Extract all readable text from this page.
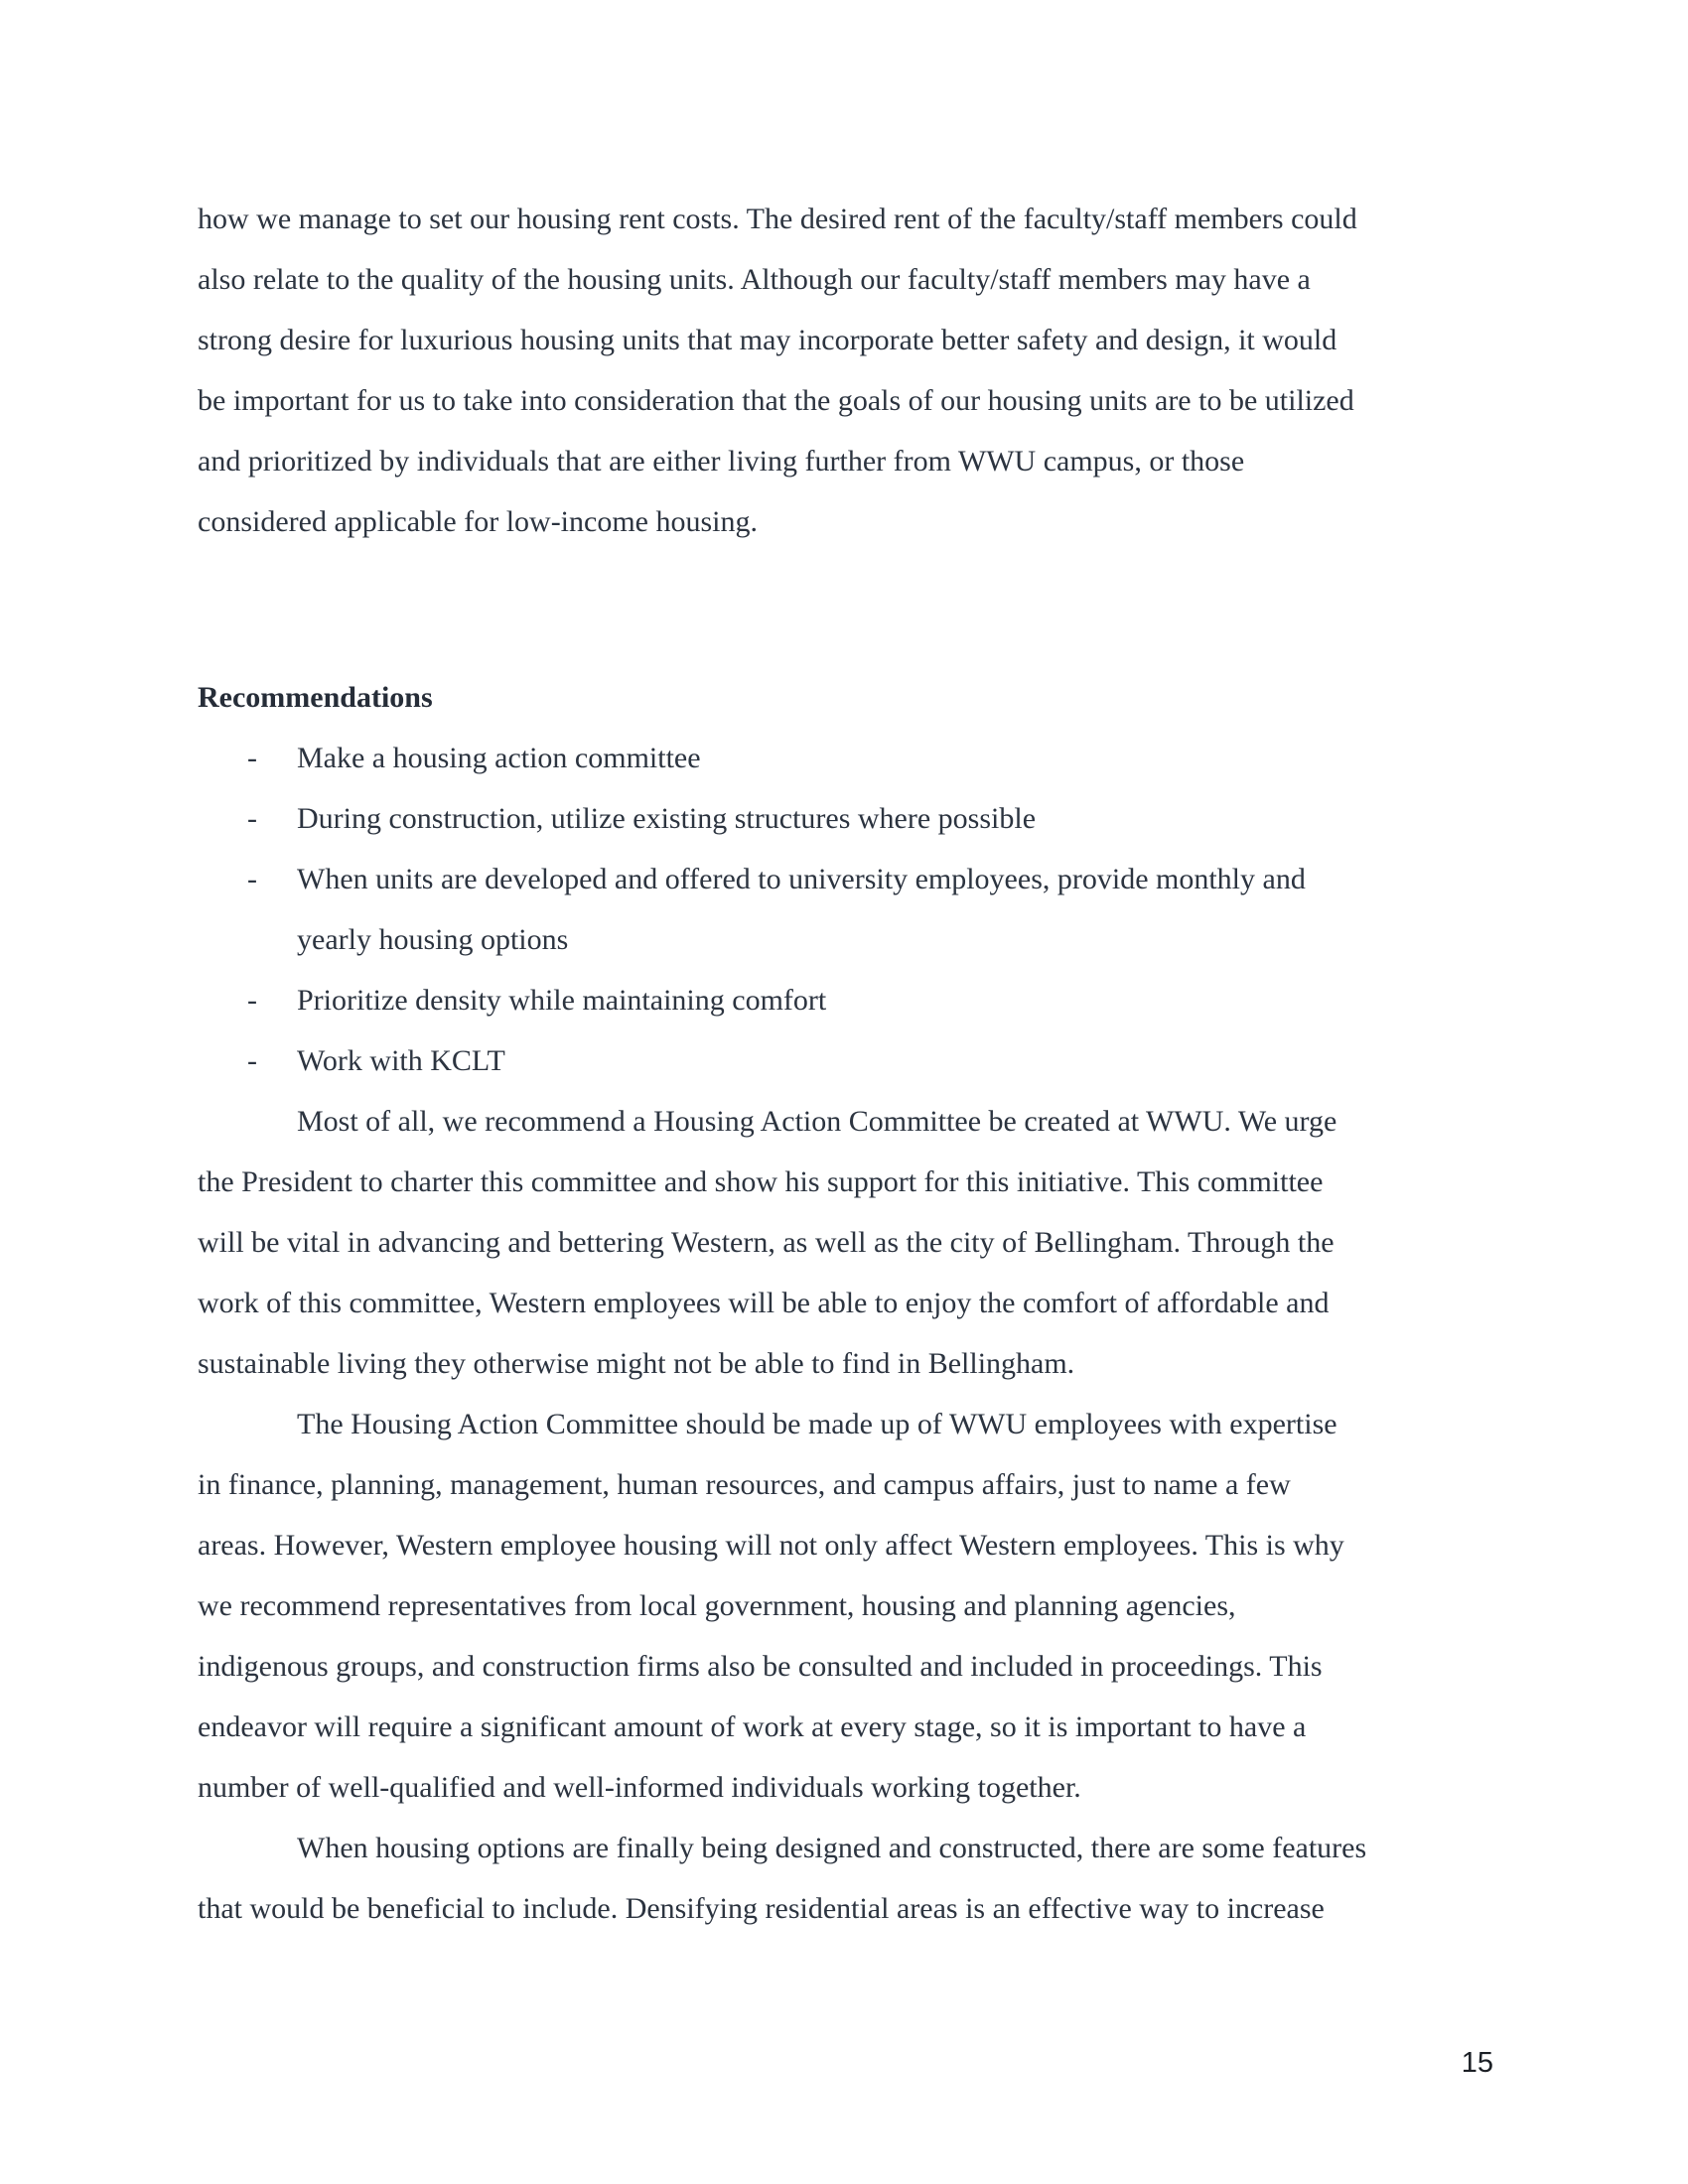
how we manage to set our housing rent costs. The desired rent of the faculty/staff members could
also relate to the quality of the housing units. Although our faculty/staff members may have a
strong desire for luxurious housing units that may incorporate better safety and design, it would
be important for us to take into consideration that the goals of our housing units are to be utilized
and prioritized by individuals that are either living further from WWU campus, or those
considered applicable for low-income housing.
Recommendations
- Make a housing action committee
- During construction, utilize existing structures where possible
- When units are developed and offered to university employees, provide monthly and
yearly housing options
- Prioritize density while maintaining comfort
- Work with KCLT
Most of all, we recommend a Housing Action Committee be created at WWU. We urge
the President to charter this committee and show his support for this initiative. This committee
will be vital in advancing and bettering Western, as well as the city of Bellingham. Through the
work of this committee, Western employees will be able to enjoy the comfort of affordable and
sustainable living they otherwise might not be able to find in Bellingham.
The Housing Action Committee should be made up of WWU employees with expertise
in finance, planning, management, human resources, and campus affairs, just to name a few
areas. However, Western employee housing will not only affect Western employees. This is why
we recommend representatives from local government, housing and planning agencies,
indigenous groups, and construction firms also be consulted and included in proceedings. This
endeavor will require a significant amount of work at every stage, so it is important to have a
number of well-qualified and well-informed individuals working together.
When housing options are finally being designed and constructed, there are some features
that would be beneficial to include. Densifying residential areas is an effective way to increase
15
